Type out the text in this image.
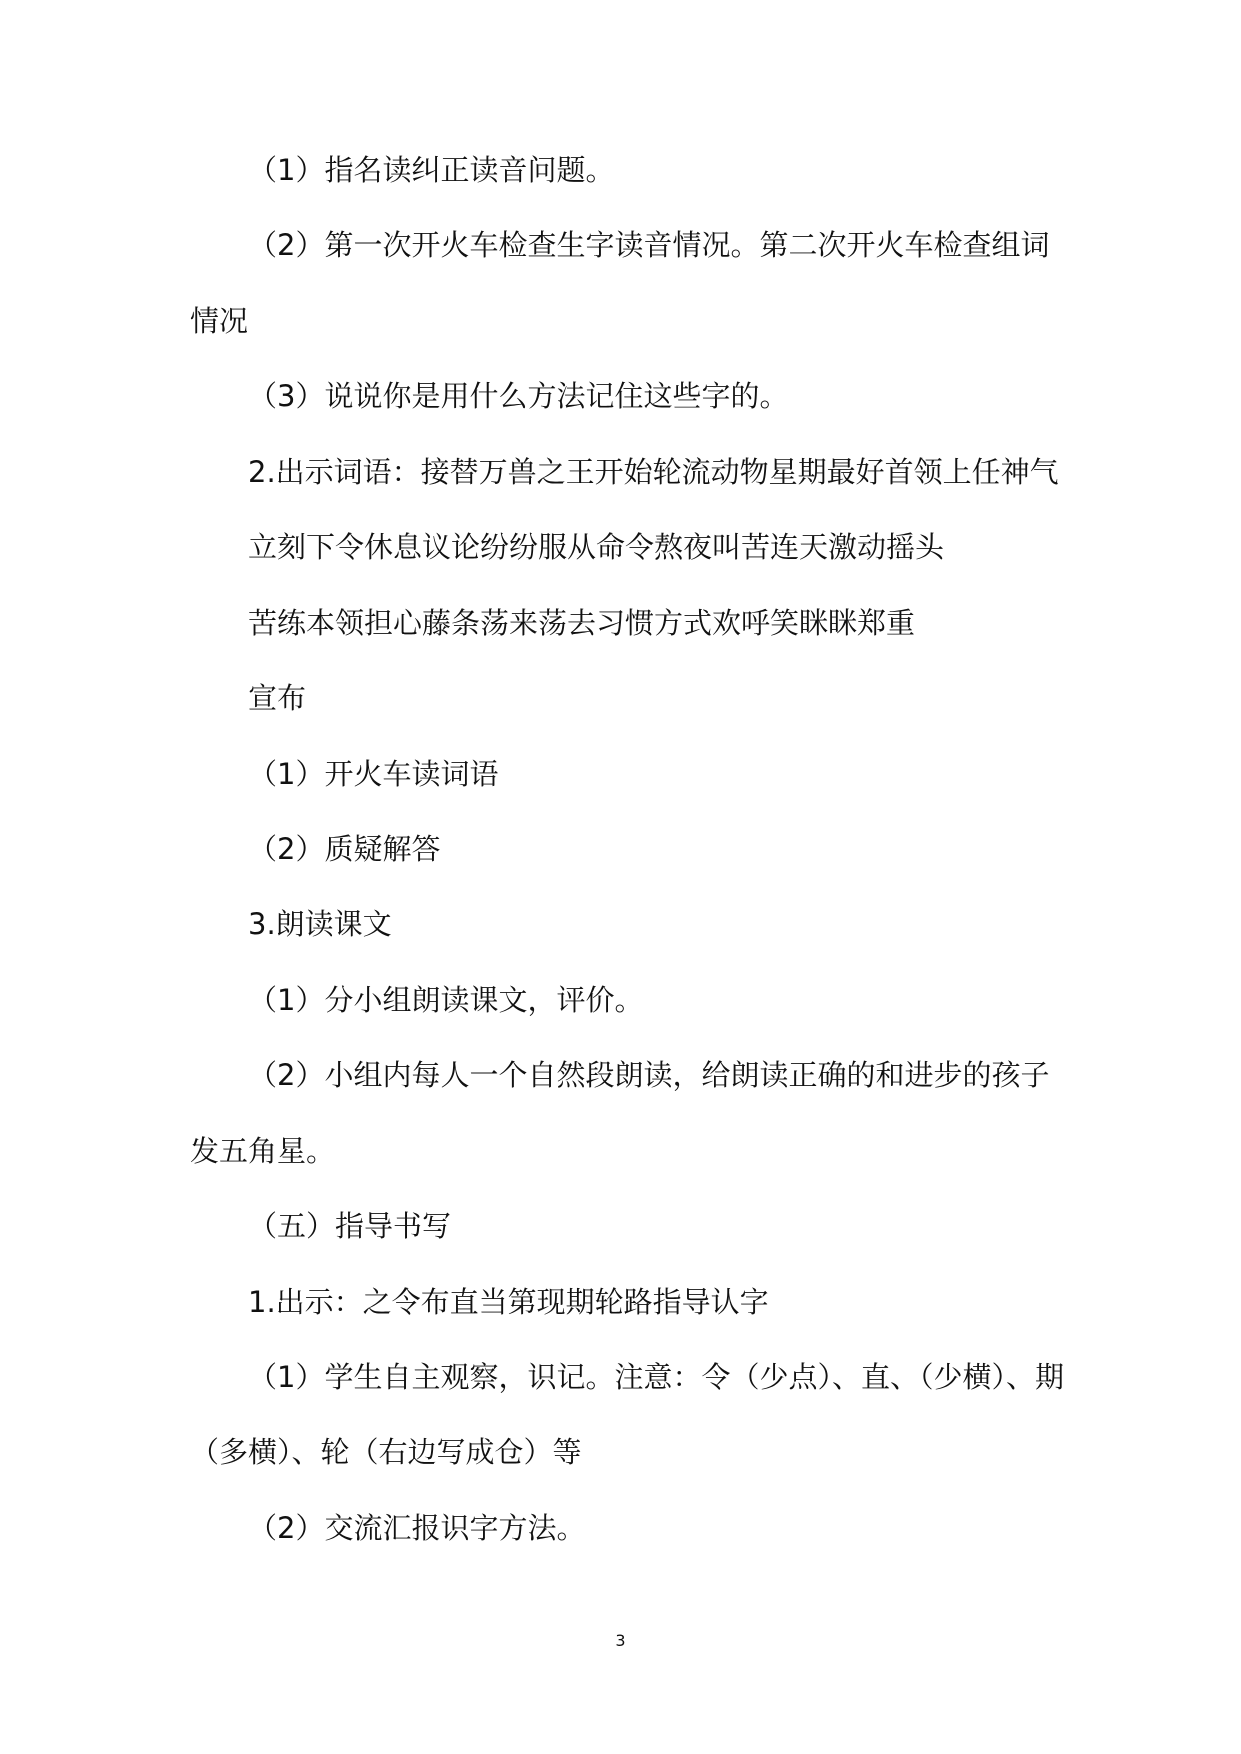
（1）指名读纠正读音问题。
（2）第一次开火车检查生字读音情况。第二次开火车检查组词
情况
（3）说说你是用什么方法记住这些字的。
2.出示词语：接替万兽之王开始轮流动物星期最好首领上任神气
立刻下令休息议论纷纷服从命令熬夜叫苦连天激动摇头
苦练本领担心藤条荡来荡去习惯方式欢呼笑眯眯郑重
宣布
（1）开火车读词语
（2）质疑解答
3.朗读课文
（1）分小组朗读课文，评价。
（2）小组内每人一个自然段朗读，给朗读正确的和进步的孩子
发五角星。
（五）指导书写
1.出示：之令布直当第现期轮路指导认字
（1）学生自主观察，识记。注意：令（少点）、直、（少横）、期
（多横）、轮（右边写成仓）等
（2）交流汇报识字方法。
3
